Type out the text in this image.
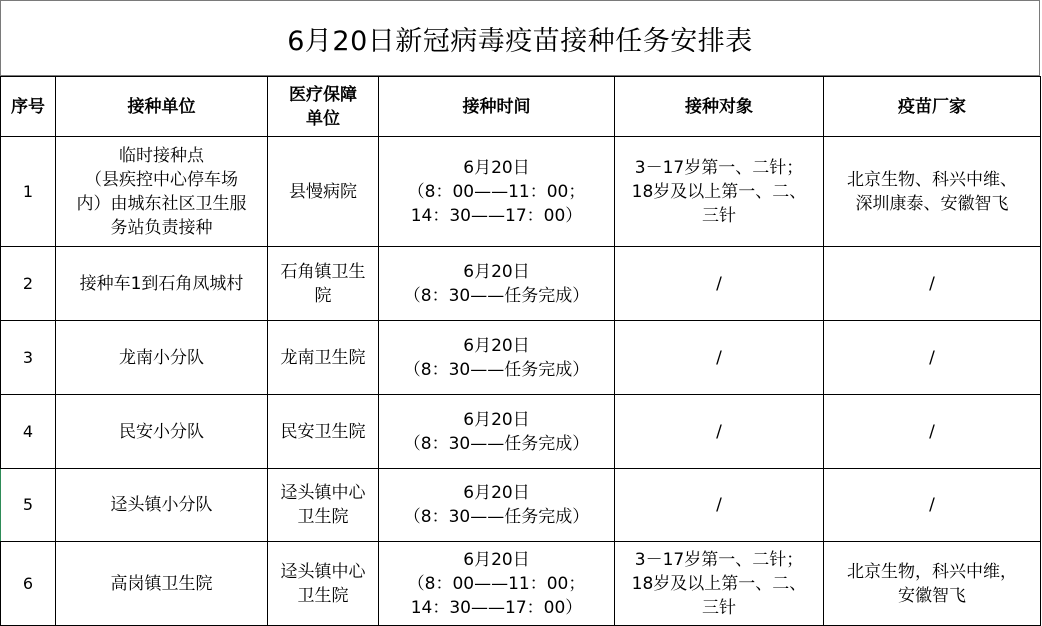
6月20日新冠病毒疫苗接种任务安排表
序号	接种单位	医疗保障
单位	接种时间	接种对象	疫苗厂家
1	临时接种点
（县疾控中心停车场
内）由城东社区卫生服
务站负责接种	县慢病院	6月20日
（8：00——11：00；
14：30——17：00）	3－17岁第一、二针；
18岁及以上第一、二、
三针	北京生物、科兴中维、
深圳康泰、安徽智飞

2	接种车1到石角凤城村	石角镇卫生
院	6月20日
（8：30——任务完成）	/	/

3	龙南小分队	龙南卫生院	6月20日
（8：30——任务完成）	/	/

4	民安小分队	民安卫生院	6月20日
（8：30——任务完成）	/	/

5	迳头镇小分队	迳头镇中心
卫生院	6月20日
（8：30——任务完成）	/	/

6	高岗镇卫生院	迳头镇中心
卫生院	6月20日
（8：00——11：00；
14：30——17：00）	3－17岁第一、二针；
18岁及以上第一、二、
三针	北京生物，科兴中维，
安徽智飞
